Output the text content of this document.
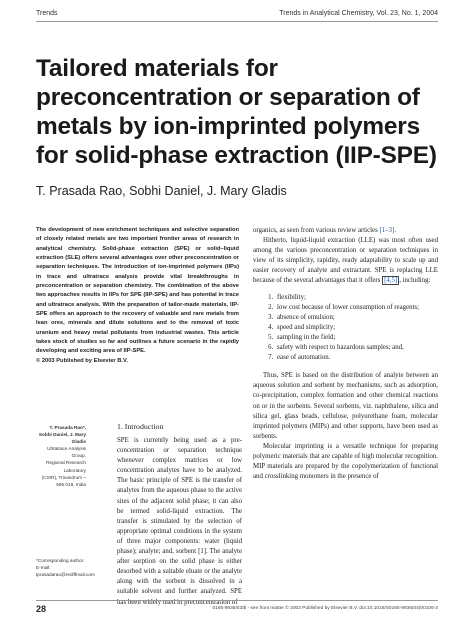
Trends	Trends in Analytical Chemistry, Vol. 23, No. 1, 2004
Tailored materials for preconcentration or separation of metals by ion-imprinted polymers for solid-phase extraction (IIP-SPE)
T. Prasada Rao, Sobhi Daniel, J. Mary Gladis

The development of new enrichment techniques and selective separation of closely related metals are two important frontier areas of research in analytical chemistry. Solid-phase extraction (SPE) or solid–liquid extraction (SLE) offers several advantages over other preconcentration or separation techniques. The introduction of ion-imprinted polymers (IIPs) in trace and ultratrace analysis provide vital breakthroughs in preconcentration or separation chemistry. The combination of the above two approaches results in IIPs for SPE (IIP-SPE) and has potential in trace and ultratrace analysis. With the preparation of tailor-made materials, IIP-SPE offers an approach to the recovery of valuable and rare metals from lean ores, minerals and dilute solutions and to the removal of toxic uranium and heavy metal pollutants from industrial wastes. This article takes stock of studies so far and outlines a future scenario in the rapidly developing and exciting area of IIP-SPE.

© 2003 Published by Elsevier B.V.

T. Prasada Rao*, Sobhi Daniel, J. Mary Gladis

Ultratrace Analysis Group,

Regional Research Laboratory

(CSIR), Trivandrum –

695 019, India

*Corresponding author.

E-mail:

tprasadarao@rediffmail.com

1. Introduction

SPE is currently being used as a pre-concentration or separation technique whenever complex matrices or low concentration analytes have to be analyzed. The basic principle of SPE is the transfer of analytes from the aqueous phase to the active sites of the adjacent solid phase; it can also be termed solid-liquid extraction. The transfer is stimulated by the selection of appropriate optimal conditions in the system of three major components: water (liquid phase); analyte; and, sorbent [1]. The analyte after sorption on the solid phase is either desorbed with a suitable eluate or the analyte along with the sorbent is dissolved in a suitable solvent and further analyzed. SPE has been widely used in preconcentration of

organics, as seen from various review articles [1–3].

Hitherto, liquid-liquid extraction (LLE) was most often used among the various preconcentration or separation techniques in view of its simplicity, rapidity, ready adaptability to scale up and easier recovery of analyte and extractant. SPE is replacing LLE because of the several advantages that it offers [4,5] , including:

1. flexibility;
2. low cost because of lower consumption of reagents;
3. absence of emulsion;
4. speed and simplicity;
5. sampling in the field;
6. safety with respect to hazardous samples; and,
7. ease of automation.

Thus, SPE is based on the distribution of analyte between an aqueous solution and sorbent by mechanisms, such as adsorption, co-precipitation, complex formation and other chemical reactions on or in the sorbents. Several sorbents, viz. naphthalene, silica and silica gel, glass beads, cellulose, polyurethane foam, molecular imprinted polymers (MIPs) and other supports, have been used as sorbents.

Molecular imprinting is a versatile technique for preparing polymeric materials that are capable of high molecular recognition. MIP materials are prepared by the copolymerization of functional and crosslinking monomers in the presence of

28	0165-9936/03/$ - see front matter © 2003 Published by Elsevier B.V. doi:10.1016/S0165-9936(04)00106-2
